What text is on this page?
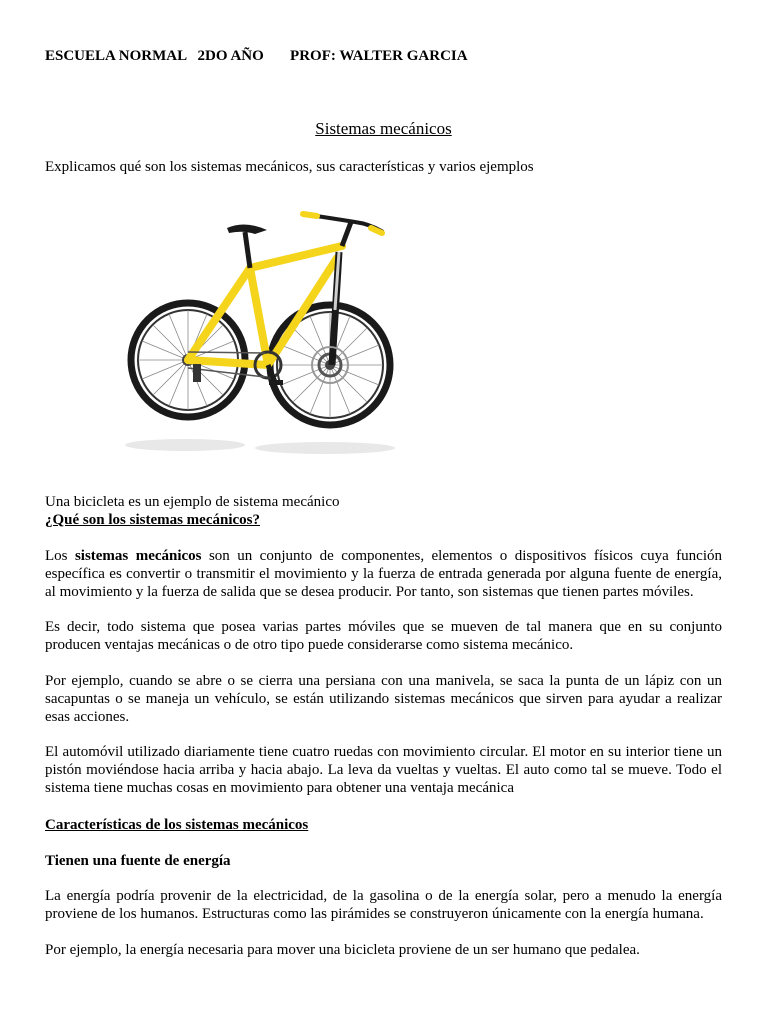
ESCUELA NORMAL 2DO AÑO PROF: WALTER GARCIA
Sistemas mecánicos
Explicamos qué son los sistemas mecánicos, sus características y varios ejemplos
Una bicicleta es un ejemplo de sistema mecánico
¿Qué son los sistemas mecánicos?
Los sistemas mecánicos son un conjunto de componentes, elementos o dispositivos físicos cuya función específica es convertir o transmitir el movimiento y la fuerza de entrada generada por alguna fuente de energía, al movimiento y la fuerza de salida que se desea producir. Por tanto, son sistemas que tienen partes móviles.
Es decir, todo sistema que posea varias partes móviles que se mueven de tal manera que en su conjunto producen ventajas mecánicas o de otro tipo puede considerarse como sistema mecánico.
Por ejemplo, cuando se abre o se cierra una persiana con una manivela, se saca la punta de un lápiz con un sacapuntas o se maneja un vehículo, se están utilizando sistemas mecánicos que sirven para ayudar a realizar esas acciones.
El automóvil utilizado diariamente tiene cuatro ruedas con movimiento circular. El motor en su interior tiene un pistón moviéndose hacia arriba y hacia abajo. La leva da vueltas y vueltas. El auto como tal se mueve. Todo el sistema tiene muchas cosas en movimiento para obtener una ventaja mecánica
Características de los sistemas mecánicos
Tienen una fuente de energía
La energía podría provenir de la electricidad, de la gasolina o de la energía solar, pero a menudo la energía proviene de los humanos. Estructuras como las pirámides se construyeron únicamente con la energía humana.
Por ejemplo, la energía necesaria para mover una bicicleta proviene de un ser humano que pedalea.
